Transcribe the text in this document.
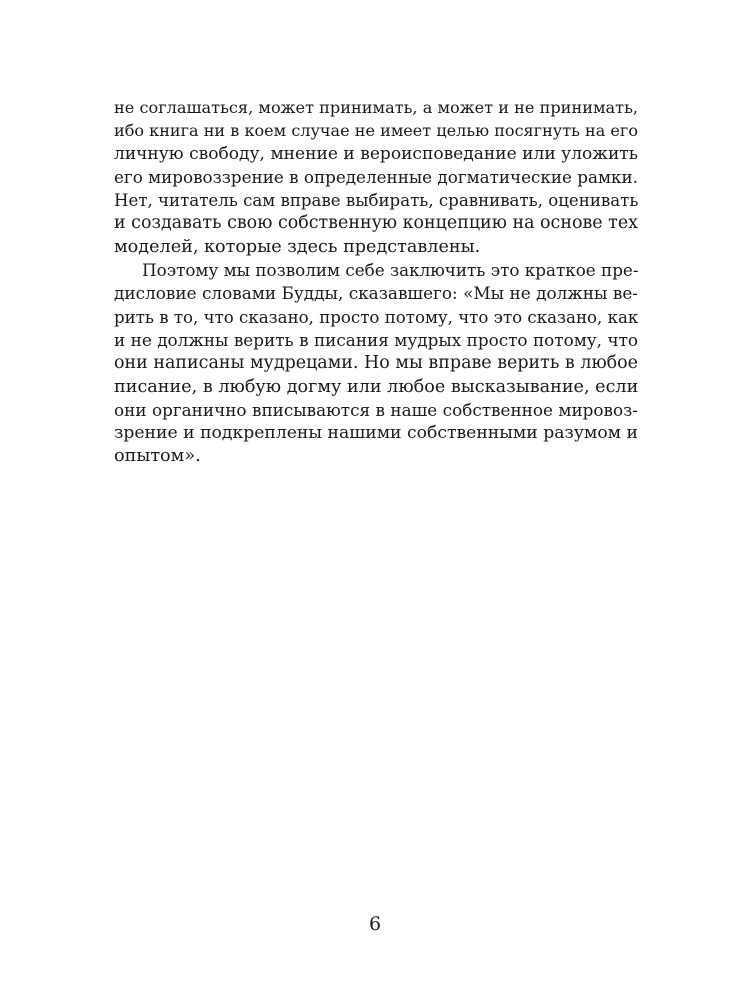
не соглашаться, может принимать, а может и не принимать,
ибо книга ни в коем случае не имеет целью посягнуть на его
личную свободу, мнение и вероисповедание или уложить
его мировоззрение в определенные догматические рамки.
Нет, читатель сам вправе выбирать, сравнивать, оценивать
и создавать свою собственную концепцию на основе тех
моделей, которые здесь представлены.

Поэтому мы позволим себе заключить это краткое пре-
дисловие словами Будды, сказавшего: «Мы не должны ве-
рить в то, что сказано, просто потому, что это сказано, как
и не должны верить в писания мудрых просто потому, что
они написаны мудрецами. Но мы вправе верить в любое
писание, в любую догму или любое высказывание, если
они органично вписываются в наше собственное мировоз-
зрение и подкреплены нашими собственными разумом и
опытом».

6
